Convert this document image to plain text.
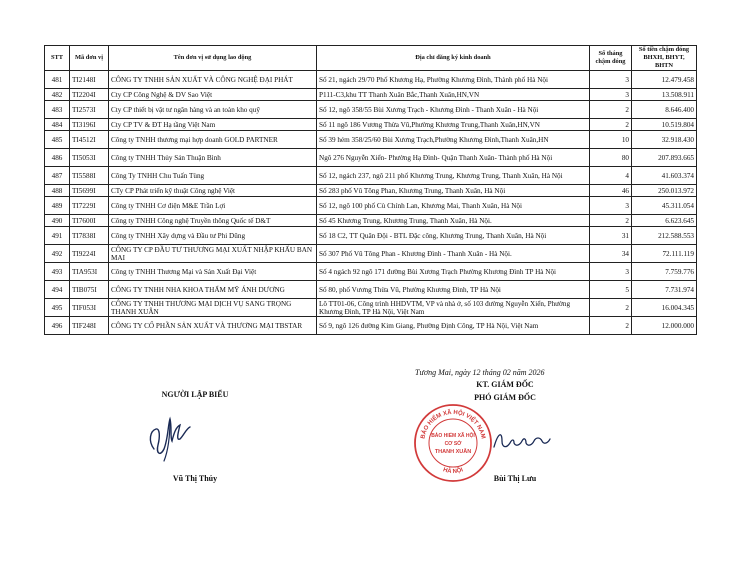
STT	Mã đơn vị	Tên đơn vị sử dụng lao động	Địa chỉ đăng ký kinh doanh	Số tháng
chậm đóng	Số tiền chậm đóng
BHXH, BHYT, BHTN
481	TI2148I	CÔNG TY TNHH SẢN XUẤT VÀ CÔNG NGHỆ ĐẠI PHÁT	Số 21, ngách 29/70 Phố Khương Hạ, Phường Khương Đình, Thành phố Hà Nội	3	12.479.458
482	TI2204I	Cty CP Công Nghệ & DV Sao Việt	P111-C3,khu TT Thanh Xuân Bắc,Thanh Xuân,HN,VN	3	13.508.911
483	TI2573I	Cty CP thiết bị vật tư ngân hàng và an toàn kho quỹ	Số 12, ngõ 358/55 Bùi Xương Trạch - Khương Đình - Thanh Xuân - Hà Nội	2	8.646.400
484	TI3196I	Cty CP TV & ĐT Hạ tầng Việt Nam	Số 11 ngõ 186 Vương Thừa Vũ,Phường Khương Trung,Thanh Xuân,HN,VN	2	10.519.804
485	TI4512I	Công ty TNHH thương mại hợp doanh GOLD PARTNER	Số 39 hẻm 358/25/60 Bùi Xương Trạch,Phường Khương Đình,Thanh Xuân,HN	10	32.918.430
486	TI5053I	Công ty TNHH Thủy Sản Thuận Bình	Ngõ 276 Nguyễn Xiển- Phường Hạ Đình- Quận Thanh Xuân- Thành phố Hà Nội	80	207.893.665
487	TI5588I	Công Ty TNHH Chu Tuấn Tùng	Số 12, ngách 237, ngõ 211 phố Khương Trung, Khương Trung, Thanh Xuân, Hà Nội	4	41.603.374
488	TI5699I	CTy CP Phát triển kỹ thuật Công nghệ Việt	Số 283 phố Vũ Tông Phan, Khương Trung, Thanh Xuân, Hà Nội	46	250.013.972
489	TI7229I	Công ty TNHH Cơ điện M&E Trần Lợi	Số 12, ngõ 100 phố Cù Chính Lan, Khương Mai, Thanh Xuân, Hà Nội	3	45.311.054
490	TI7600I	Công ty TNHH Công nghệ Truyền thông Quốc tế D&T	Số 45 Khương Trung, Khương Trung, Thanh Xuân, Hà Nội.	2	6.623.645
491	TI7838I	Công ty TNHH Xây dựng và Đầu tư Phi Dũng	Số 18 C2, TT Quân Đội - BTL Đặc công, Khương Trung, Thanh Xuân, Hà Nội	31	212.588.553
492	TI9224I	CÔNG TY CP ĐẦU TƯ THƯƠNG MẠI XUẤT NHẬP KHẨU BAN MAI	Số 307 Phố Vũ Tông Phan - Khương Đình - Thanh Xuân - Hà Nội.	34	72.111.119
493	TIA953I	Công ty TNHH Thương Mại và Sản Xuất Đại Việt	Số 4 ngách 92 ngõ 171 đường Bùi Xương Trạch Phường Khương Đình TP Hà Nội	3	7.759.776
494	TIB075I	CÔNG TY TNHH NHA KHOA THẨM MỸ ÁNH DƯƠNG	Số 80, phố Vương Thừa Vũ, Phường Khương Đình, TP Hà Nội	5	7.731.974
495	TIF053I	CÔNG TY TNHH THƯƠNG MẠI DỊCH VỤ SANG TRỌNG THANH XUÂN	Lô TT01-06, Công trình HHDVTM, VP và nhà ở, số 103 đường Nguyễn Xiển, Phường Khương Đình, TP Hà Nội, Việt Nam	2	16.004.345
496	TIF248I	CÔNG TY CỔ PHẦN SẢN XUẤT VÀ THƯƠNG MẠI TBSTAR	Số 9, ngõ 126 đường Kim Giang, Phường Định Công, TP Hà Nội, Việt Nam	2	12.000.000
Tương Mai, ngày 12 tháng 02 năm 2026
NGƯỜI LẬP BIỂU
KT. GIÁM ĐỐC
PHÓ GIÁM ĐỐC
BẢO HIỂM XÃ HỘI VIỆT NAM
HÀ NỘI
BẢO HIỂM XÃ HỘI
CƠ SỞ
THANH XUÂN
Vũ Thị Thúy	Bùi Thị Lưu
